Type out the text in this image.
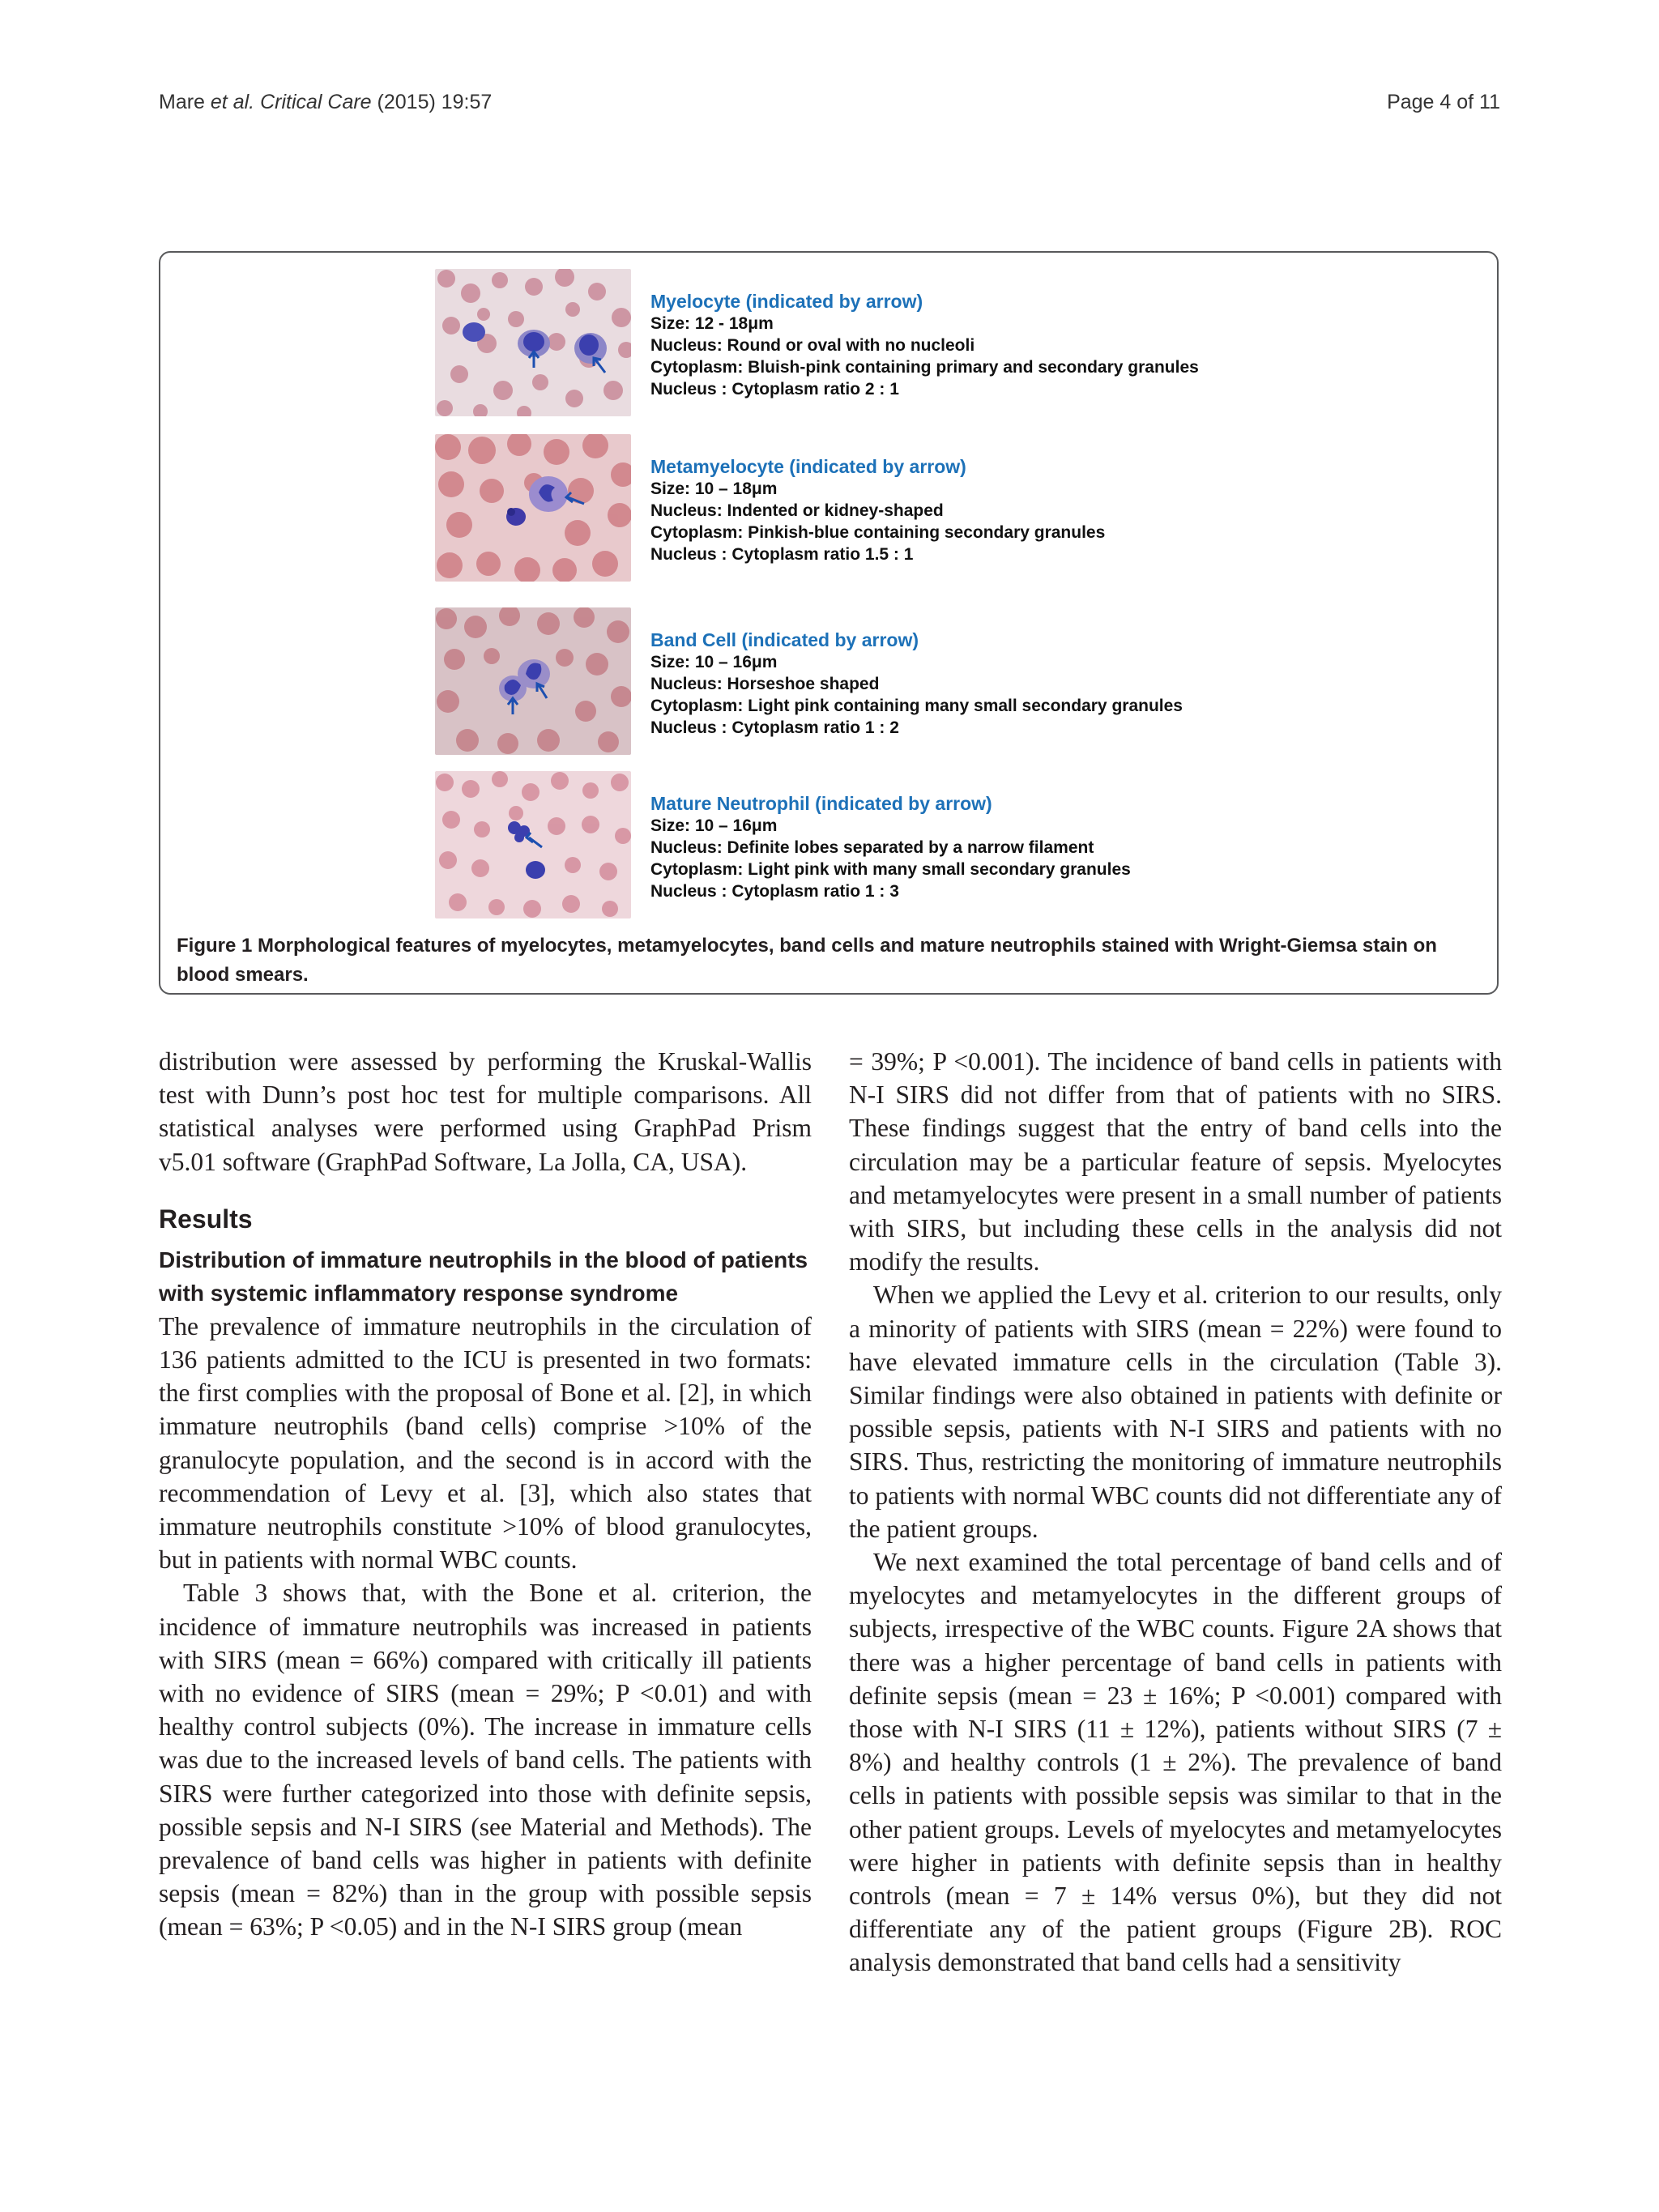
Mare et al. Critical Care (2015) 19:57	Page 4 of 11
Myelocyte (indicated by arrow)
Size: 12 - 18μm
Nucleus: Round or oval with no nucleoli
Cytoplasm: Bluish-pink containing primary and secondary granules
Nucleus : Cytoplasm ratio 2 : 1
Metamyelocyte (indicated by arrow)
Size: 10 – 18μm
Nucleus: Indented or kidney-shaped
Cytoplasm: Pinkish-blue containing secondary granules
Nucleus : Cytoplasm ratio 1.5 : 1
Band Cell (indicated by arrow)
Size: 10 – 16μm
Nucleus: Horseshoe shaped
Cytoplasm: Light pink containing many small secondary granules
Nucleus : Cytoplasm ratio 1 : 2
Mature Neutrophil (indicated by arrow)
Size: 10 – 16μm
Nucleus: Definite lobes separated by a narrow filament
Cytoplasm: Light pink with many small secondary granules
Nucleus : Cytoplasm ratio 1 : 3
Figure 1 Morphological features of myelocytes, metamyelocytes, band cells and mature neutrophils stained with Wright-Giemsa stain on blood smears.

distribution were assessed by performing the Kruskal-Wallis test with Dunn’s post hoc test for multiple comparisons. All statistical analyses were performed using GraphPad Prism v5.01 software (GraphPad Software, La Jolla, CA, USA).

Results
Distribution of immature neutrophils in the blood of patients with systemic inflammatory response syndrome

The prevalence of immature neutrophils in the circulation of 136 patients admitted to the ICU is presented in two formats: the first complies with the proposal of Bone et al. [2], in which immature neutrophils (band cells) comprise >10% of the granulocyte population, and the second is in accord with the recommendation of Levy et al. [3], which also states that immature neutrophils constitute >10% of blood granulocytes, but in patients with normal WBC counts.

Table 3 shows that, with the Bone et al. criterion, the incidence of immature neutrophils was increased in patients with SIRS (mean = 66%) compared with critically ill patients with no evidence of SIRS (mean = 29%; P <0.01) and with healthy control subjects (0%). The increase in immature cells was due to the increased levels of band cells. The patients with SIRS were further categorized into those with definite sepsis, possible sepsis and N-I SIRS (see Material and Methods). The prevalence of band cells was higher in patients with definite sepsis (mean = 82%) than in the group with possible sepsis (mean = 63%; P <0.05) and in the N-I SIRS group (mean

= 39%; P <0.001). The incidence of band cells in patients with N-I SIRS did not differ from that of patients with no SIRS. These findings suggest that the entry of band cells into the circulation may be a particular feature of sepsis. Myelocytes and metamyelocytes were present in a small number of patients with SIRS, but including these cells in the analysis did not modify the results.

When we applied the Levy et al. criterion to our results, only a minority of patients with SIRS (mean = 22%) were found to have elevated immature cells in the circulation (Table 3). Similar findings were also obtained in patients with definite or possible sepsis, patients with N-I SIRS and patients with no SIRS. Thus, restricting the monitoring of immature neutrophils to patients with normal WBC counts did not differentiate any of the patient groups.

We next examined the total percentage of band cells and of myelocytes and metamyelocytes in the different groups of subjects, irrespective of the WBC counts. Figure 2A shows that there was a higher percentage of band cells in patients with definite sepsis (mean = 23 ± 16%; P <0.001) compared with those with N-I SIRS (11 ± 12%), patients without SIRS (7 ± 8%) and healthy controls (1 ± 2%). The prevalence of band cells in patients with possible sepsis was similar to that in the other patient groups. Levels of myelocytes and metamyelocytes were higher in patients with definite sepsis than in healthy controls (mean = 7 ± 14% versus 0%), but they did not differentiate any of the patient groups (Figure 2B). ROC analysis demonstrated that band cells had a sensitivity
